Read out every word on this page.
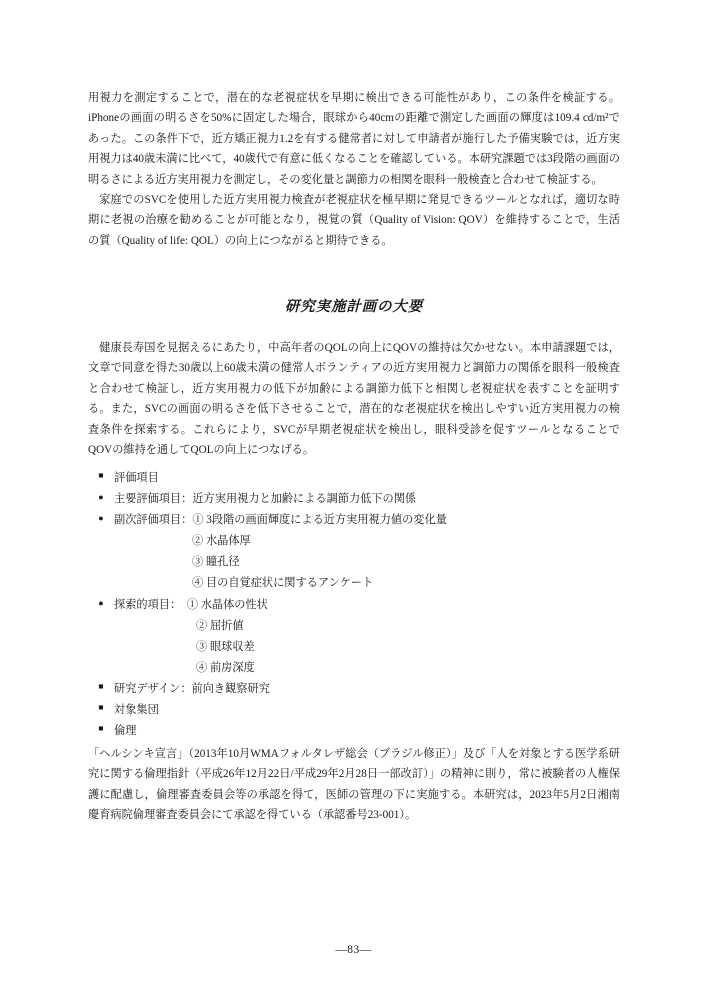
用視力を測定することで，潜在的な老視症状を早期に検出できる可能性があり，この条件を検証する。iPhoneの画面の明るさを50%に固定した場合，眼球から40cmの距離で測定した画面の輝度は109.4 cd/m²であった。この条件下で，近方矯正視力1.2を有する健常者に対して申請者が施行した予備実験では，近方実用視力は40歳未満に比べて，40歳代で有意に低くなることを確認している。本研究課題では3段階の画面の明るさによる近方実用視力を測定し，その変化量と調節力の相関を眼科一般検査と合わせて検証する。

家庭でのSVCを使用した近方実用視力検査が老視症状を極早期に発見できるツールとなれば，適切な時期に老視の治療を勧めることが可能となり，視覚の質（Quality of Vision: QOV）を維持することで，生活の質（Quality of life: QOL）の向上につながると期待できる。

研究実施計画の大要

健康長寿国を見据えるにあたり，中高年者のQOLの向上にQOVの維持は欠かせない。本申請課題では，文章で同意を得た30歳以上60歳未満の健常人ボランティアの近方実用視力と調節力の関係を眼科一般検査と合わせて検証し，近方実用視力の低下が加齢による調節力低下と相関し老視症状を表すことを証明する。また，SVCの画面の明るさを低下させることで，潜在的な老視症状を検出しやすい近方実用視力の検査条件を探索する。これらにより，SVCが早期老視症状を検出し，眼科受診を促すツールとなることでQOVの維持を通してQOLの向上につなげる。

■ 評価項目
● 主要評価項目：近方実用視力と加齢による調節力低下の関係
● 副次評価項目：① 3段階の画面輝度による近方実用視力値の変化量
② 水晶体厚
③ 瞳孔径
④ 目の自覚症状に関するアンケート
● 探索的項目：　① 水晶体の性状
② 屈折値
③ 眼球収差
④ 前房深度
■ 研究デザイン：前向き観察研究
■ 対象集団
■ 倫理

「ヘルシンキ宣言」（2013年10月WMAフォルタレザ総会（ブラジル修正）」及び「人を対象とする医学系研究に関する倫理指針（平成26年12月22日/平成29年2月28日一部改訂）」の精神に則り，常に被験者の人権保護に配慮し，倫理審査委員会等の承認を得て，医師の管理の下に実施する。本研究は，2023年5月2日湘南慶育病院倫理審査委員会にて承認を得ている（承認番号23-001）。

―83―
